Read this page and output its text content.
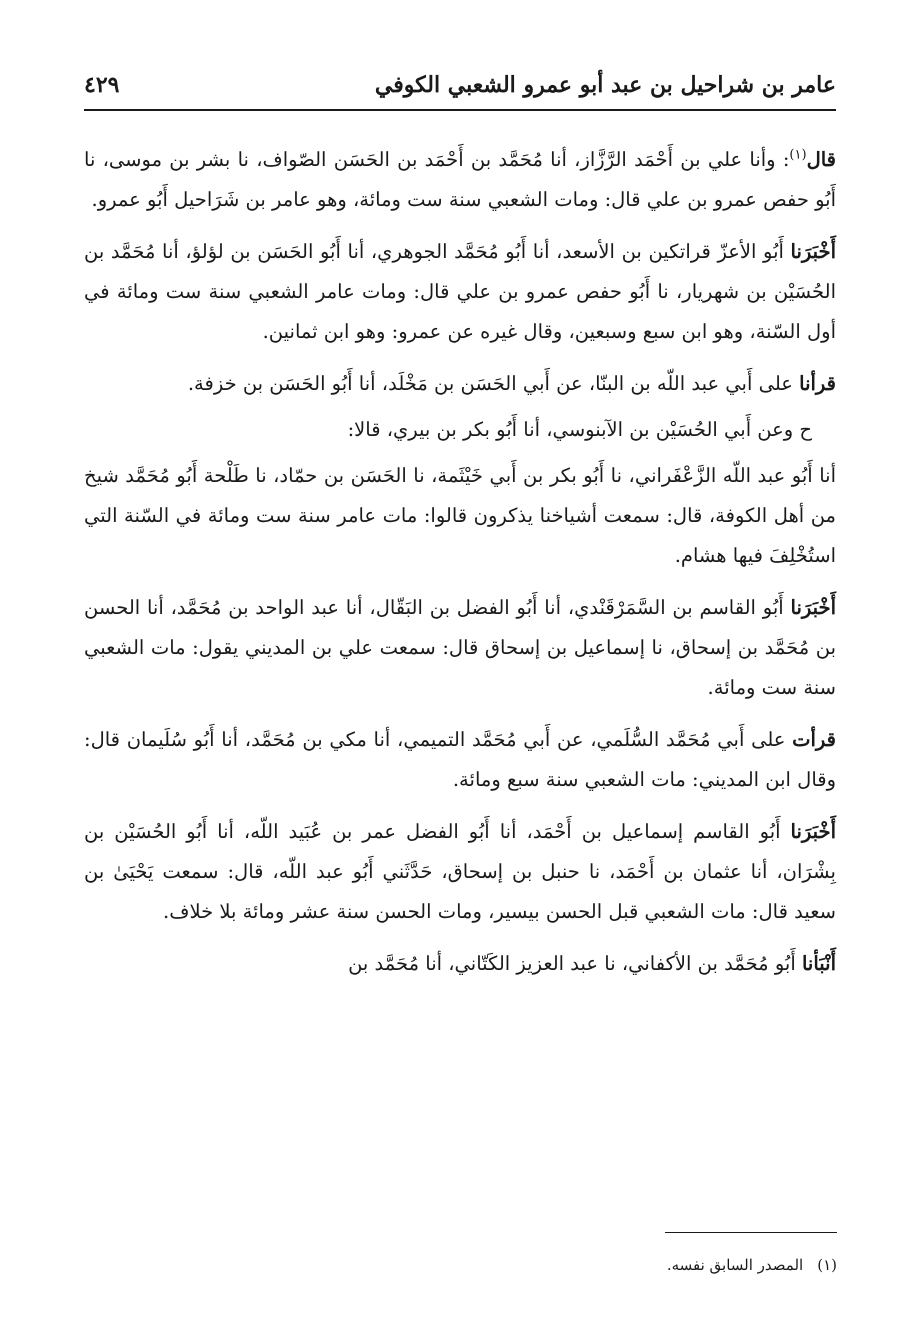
عامر بن شراحيل بن عبد أبو عمرو الشعبي الكوفي
٤٢٩

قال$^{(١)}$: وأنا علي بن أَحْمَد الرَّزَّاز، أنا مُحَمَّد بن أَحْمَد بن الحَسَن الصّواف، نا بشر بن موسى، نا أَبُو حفص عمرو بن علي قال: ومات الشعبي سنة ست ومائة، وهو عامر بن شَرَاحيل أَبُو عمرو.

أَخْبَرَنا أَبُو الأعزّ قراتكين بن الأسعد، أنا أَبُو مُحَمَّد الجوهري، أنا أَبُو الحَسَن بن لؤلؤ، أنا مُحَمَّد بن الحُسَيْن بن شهريار، نا أَبُو حفص عمرو بن علي قال: ومات عامر الشعبي سنة ست ومائة في أول السّنة، وهو ابن سبع وسبعين، وقال غيره عن عمرو: وهو ابن ثمانين.

قرأنا على أَبي عبد اللّه بن البنّا، عن أَبي الحَسَن بن مَخْلَد، أنا أَبُو الحَسَن بن خزفة.

ح وعن أَبي الحُسَيْن بن الآبنوسي، أنا أَبُو بكر بن بيري، قالا:

أنا أَبُو عبد اللّه الزَّعْفَراني، نا أَبُو بكر بن أَبي خَيْثَمة، نا الحَسَن بن حمّاد، نا طَلْحة أَبُو مُحَمَّد شيخ من أهل الكوفة، قال: سمعت أشياخنا يذكرون قالوا: مات عامر سنة ست ومائة في السّنة التي استُخْلِفَ فيها هشام.

أَخْبَرَنا أَبُو القاسم بن السَّمَرْقَنْدي، أنا أَبُو الفضل بن البَقّال، أنا عبد الواحد بن مُحَمَّد، أنا الحسن بن مُحَمَّد بن إسحاق، نا إسماعيل بن إسحاق قال: سمعت علي بن المديني يقول: مات الشعبي سنة ست ومائة.

قرأت على أَبي مُحَمَّد السُّلَمي، عن أَبي مُحَمَّد التميمي، أنا مكي بن مُحَمَّد، أنا أَبُو سُلَيمان قال: وقال ابن المديني: مات الشعبي سنة سبع ومائة.

أَخْبَرَنا أَبُو القاسم إسماعيل بن أَحْمَد، أنا أَبُو الفضل عمر بن عُبَيد اللّه، أنا أَبُو الحُسَيْن بن بِشْرَان، أنا عثمان بن أَحْمَد، نا حنبل بن إسحاق، حَدَّثَني أَبُو عبد اللّه، قال: سمعت يَحْيَىٰ بن سعيد قال: مات الشعبي قبل الحسن بيسير، ومات الحسن سنة عشر ومائة بلا خلاف.

أَنْبَأنا أَبُو مُحَمَّد بن الأكفاني، نا عبد العزيز الكَتّاني، أنا مُحَمَّد بن

(١)المصدر السابق نفسه.
